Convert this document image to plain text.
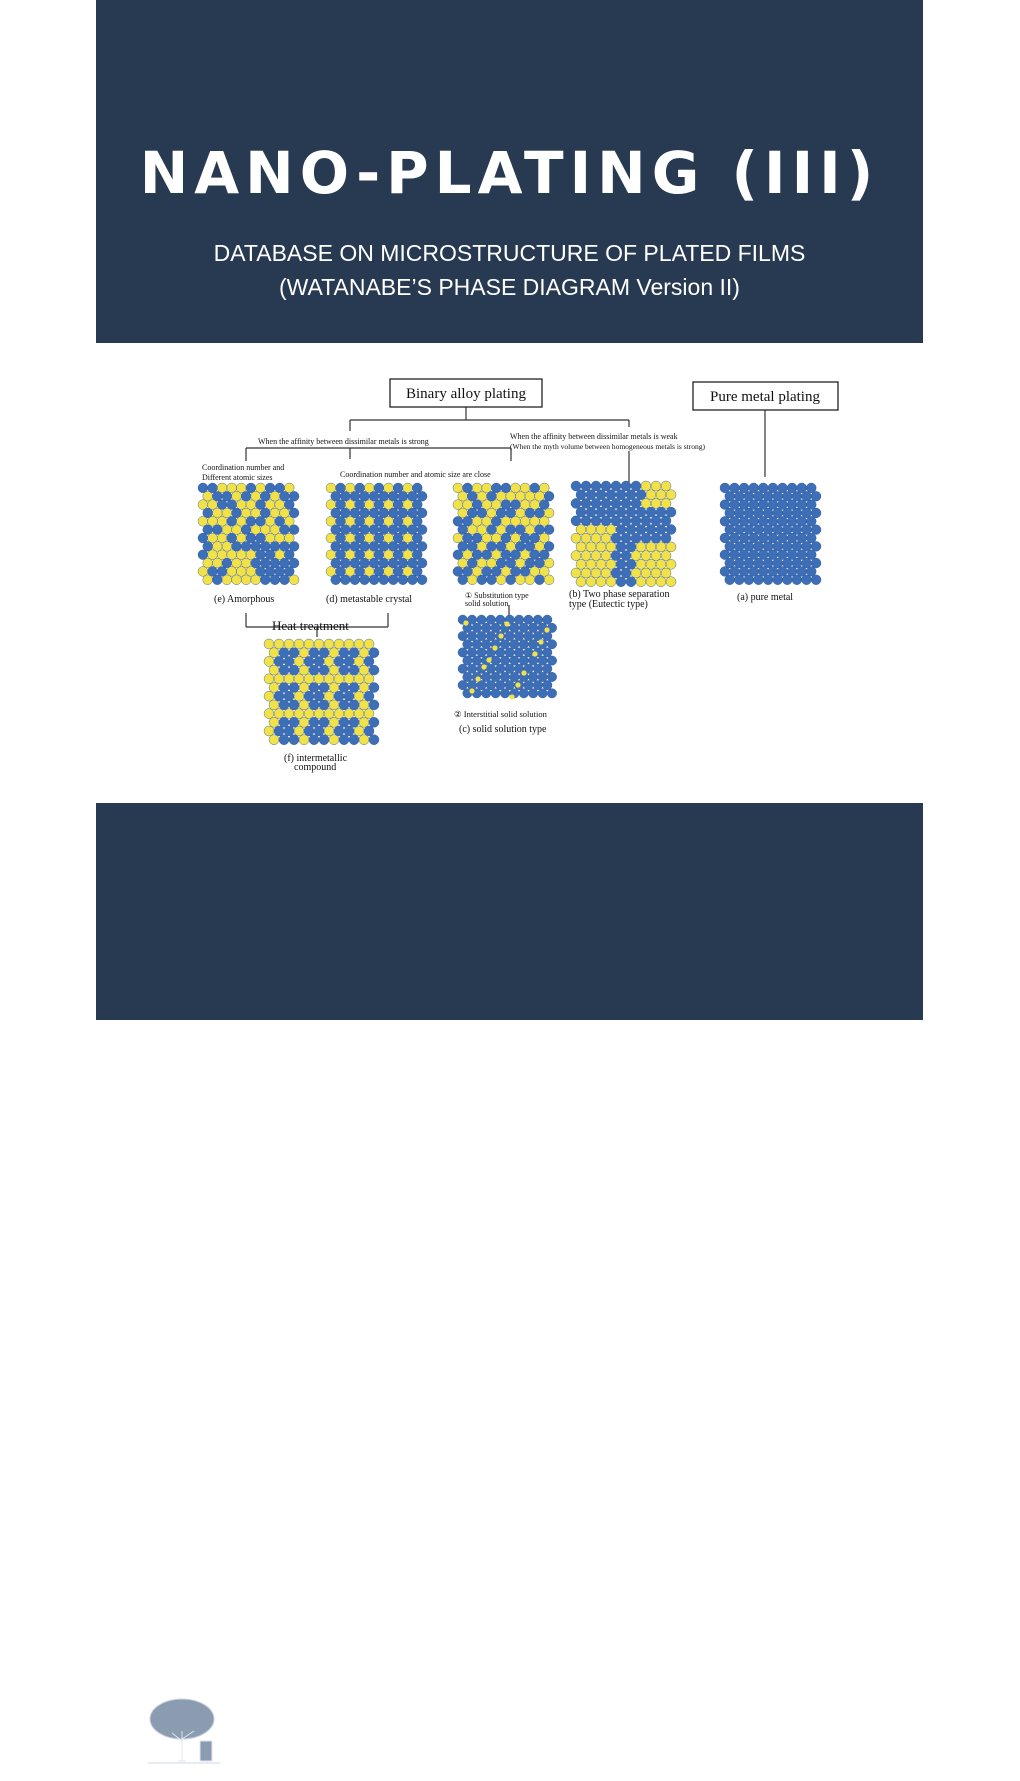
NANO-PLATING (III)
DATABASE ON MICROSTRUCTURE OF PLATED FILMS
(WATANABE’S PHASE DIAGRAM Version II)
Binary alloy plating	Pure metal plating
When the affinity between dissimilar metals is strong
When the affinity between dissimilar metals is weak
(When the myth volume between homogeneous metals is strong)
Coordination number and
Different atomic sizes	Coordination number and atomic size are close
(e) Amorphous	(d) metastable crystal	① Substitution type
solid solution
(b) Two phase separation
type (Eutectic type)
(a) pure metal
Heat treatment
(f) intermetallic
compound
② Interstitial solid solution
(c) solid solution type
ELSEVIER
TOHRU WATANABE
